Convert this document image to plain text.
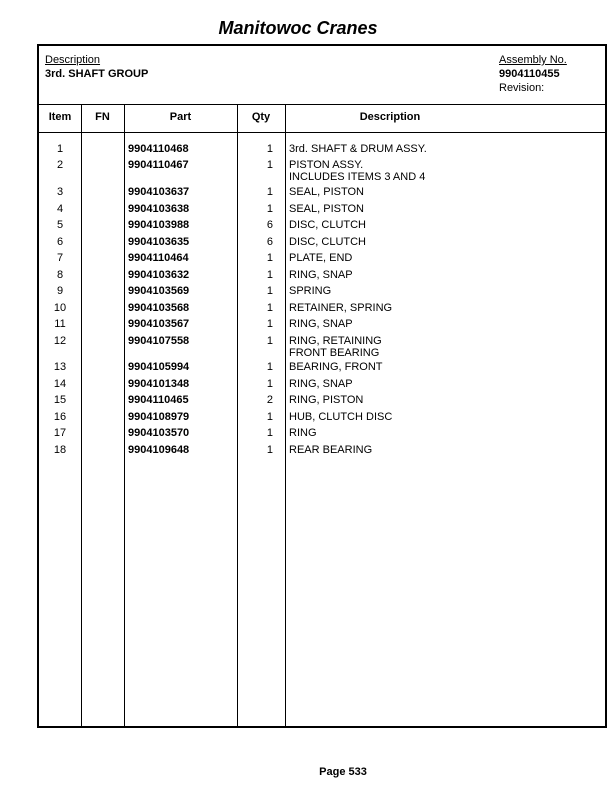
Manitowoc Cranes
Description
3rd. SHAFT GROUP
Assembly No.
9904110455
Revision:
Item	FN	Part	Qty	Description
1	9904110468	1 3rd. SHAFT & DRUM ASSY.
2	9904110467	1 PISTON ASSY.
INCLUDES ITEMS 3 AND 4
3	9904103637	1 SEAL, PISTON
4	9904103638	1 SEAL, PISTON
5	9904103988	6 DISC, CLUTCH
6	9904103635	6 DISC, CLUTCH
7	9904110464	1 PLATE, END
8	9904103632	1 RING, SNAP
9	9904103569	1 SPRING
10	9904103568	1 RETAINER, SPRING
11	9904103567	1 RING, SNAP
12	9904107558	1 RING, RETAINING
FRONT BEARING
13	9904105994	1 BEARING, FRONT
14	9904101348	1 RING, SNAP
15	9904110465	2 RING, PISTON
16	9904108979	1 HUB, CLUTCH DISC
17	9904103570	1 RING
18	9904109648	1 REAR BEARING
Page 533
